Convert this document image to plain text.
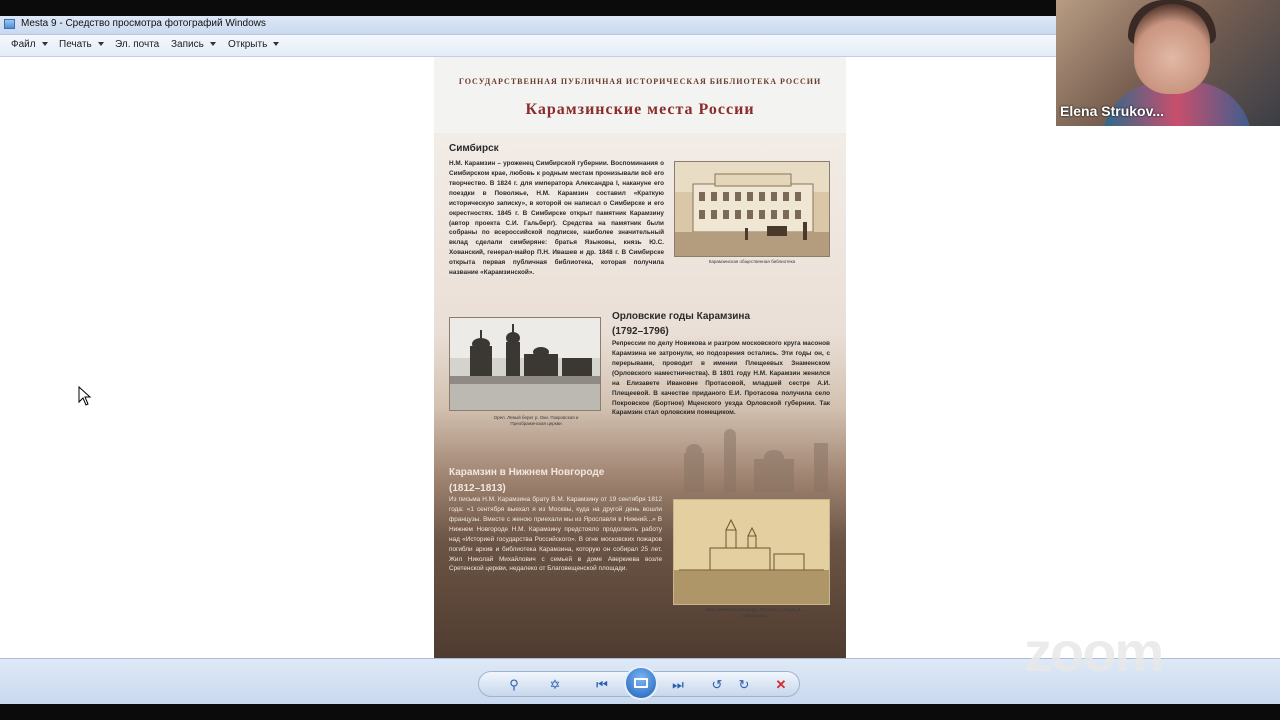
Mesta 9 - Средство просмотра фотографий Windows
Файл	Печать	Эл. почта Запись	Открыть
ГОСУДАРСТВЕННАЯ ПУБЛИЧНАЯ ИСТОРИЧЕСКАЯ БИБЛИОТЕКА РОССИИ
Карамзинские места России
Симбирск
Н.М. Карамзин – уроженец Симбирской губернии. Воспоминания о Симбирском крае, любовь к родным местам пронизывали всё его творчество. В 1824 г. для императора Александра I, накануне его поездки в Поволжье, Н.М. Карамзин составил «Краткую историческую записку», в которой он написал о Симбирске и его окрестностях. 1845 г. В Симбирске открыт памятник Карамзину (автор проекта С.И. Гальберг). Средства на памятник были собраны по всероссийской подписке, наиболее значительный вклад сделали симбиряне: братья Языковы, князь Ю.С. Хованский, генерал-майор П.Н. Ивашев и др. 1848 г. В Симбирске открыта первая публичная библиотека, которая получила название «Карамзинской».
Карамзинская общественная библиотека
Орел. Левый берег р. Оки. Покровская и Преображенская церкви
Орловские годы Карамзина (1792–1796)
Репрессии по делу Новикова и разгром московского круга масонов Карамзина не затронули, но подозрения остались. Эти годы он, с перерывами, проводит в имении Плещеевых Знаменском (Орловского наместничества). В 1801 году Н.М. Карамзин женился на Елизавете Ивановне Протасовой, младшей сестре А.И. Плещеевой. В качестве приданого Е.И. Протасова получила село Покровское (Бортное) Мценского уезда Орловской губернии. Так Карамзин стал орловским помещиком.
Карамзин в Нижнем Новгороде (1812–1813)
Из письма Н.М. Карамзина брату В.М. Карамзину от 19 сентября 1812 года: «1 сентября выехал я из Москвы, куда на другой день вошли французы. Вместе с женою приехали мы из Ярославля в Нижний...» В Нижнем Новгороде Н.М. Карамзину предстояло продолжить работу над «Историей государства Российского». В огне московских пожаров погибли архив и библиотека Карамзина, которую он собирал 25 лет. Жил Николай Михайлович с семьей в доме Аверкиева возле Сретенской церкви, недалеко от Благовещенской площади.
Вид Нижнего Новгорода. Рисунок с натуры Д. Григорьева
⚲	✡	⏮	⏭	↺	↻	✕
Elena Strukov...
zoom
